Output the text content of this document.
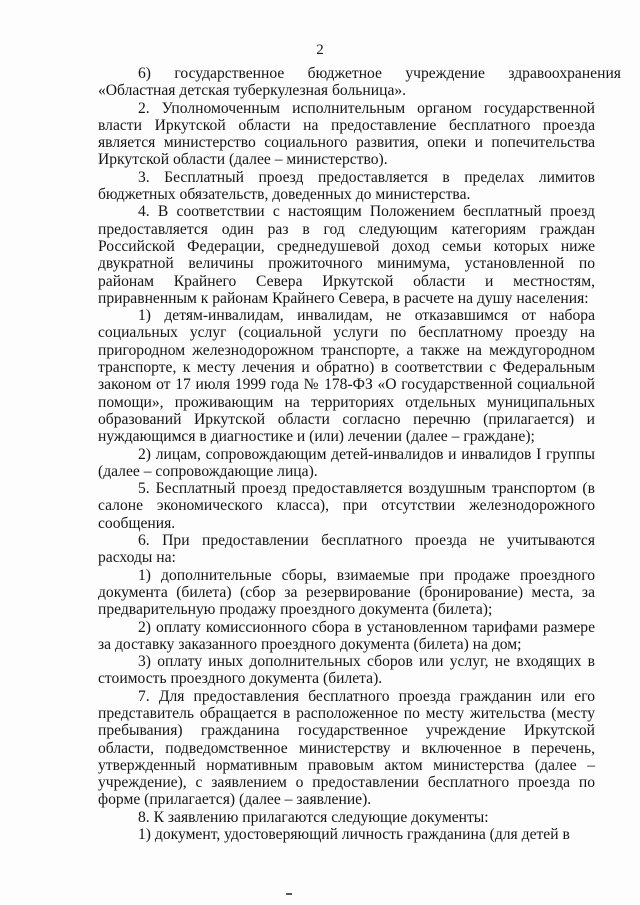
2

6)      государственное      бюджетное      учреждение      здравоохранения «Областная детская туберкулезная больница».

2. Уполномоченным исполнительным органом государственной власти Иркутской области на предоставление бесплатного проезда является министерство социального развития, опеки и попечительства Иркутской области (далее – министерство).

3. Бесплатный проезд предоставляется в пределах лимитов бюджетных обязательств, доведенных до министерства.

4. В соответствии с настоящим Положением бесплатный проезд предоставляется один раз в год следующим категориям граждан Российской Федерации, среднедушевой доход семьи которых ниже двукратной величины прожиточного минимума, установленной по районам Крайнего Севера Иркутской области и местностям, приравненным к районам Крайнего Севера, в расчете на душу населения:

1) детям-инвалидам, инвалидам, не отказавшимся от набора социальных услуг (социальной услуги по бесплатному проезду на пригородном железнодорожном транспорте, а также на междугородном транспорте, к месту лечения и обратно) в соответствии с Федеральным законом от 17 июля 1999 года № 178-ФЗ «О государственной социальной помощи», проживающим на территориях отдельных муниципальных образований Иркутской области согласно перечню (прилагается) и нуждающимся в диагностике и (или) лечении (далее – граждане);

2) лицам, сопровождающим детей-инвалидов и инвалидов I группы (далее – сопровождающие лица).

5. Бесплатный проезд предоставляется воздушным транспортом (в салоне экономического класса), при отсутствии железнодорожного сообщения.

6. При предоставлении бесплатного проезда не учитываются расходы на:

1) дополнительные сборы, взимаемые при продаже проездного документа (билета) (сбор за резервирование (бронирование) места, за предварительную продажу проездного документа (билета);

2) оплату комиссионного сбора в установленном тарифами размере за доставку заказанного проездного документа (билета) на дом;

3) оплату иных дополнительных сборов или услуг, не входящих в стоимость проездного документа (билета).

7. Для предоставления бесплатного проезда гражданин или его представитель обращается в расположенное по месту жительства (месту пребывания) гражданина государственное учреждение Иркутской области, подведомственное министерству и включенное в перечень, утвержденный нормативным правовым актом министерства (далее – учреждение), с заявлением о предоставлении бесплатного проезда по форме (прилагается) (далее – заявление).

8. К заявлению прилагаются следующие документы:

1) документ, удостоверяющий личность гражданина (для детей в
